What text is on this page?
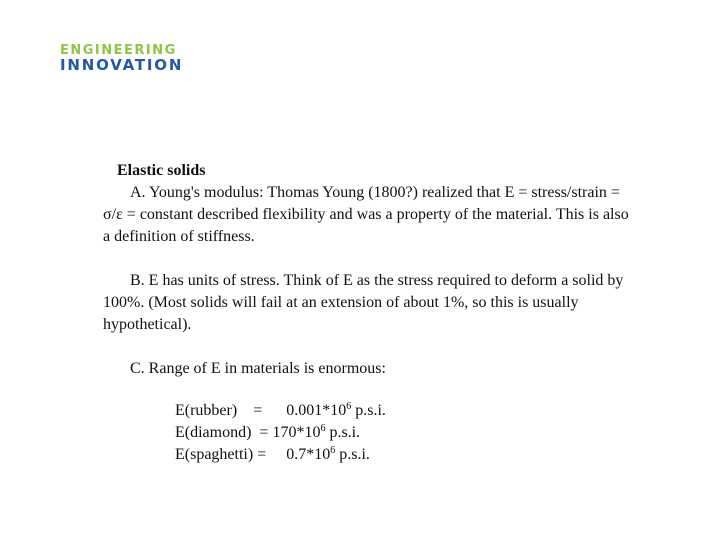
ENGINEERING
INNOVATION
Elastic solids

A. Young's modulus: Thomas Young (1800?) realized that E = stress/strain = σ/ε = constant described flexibility and was a property of the material. This is also a definition of stiffness.

B. E has units of stress. Think of E as the stress required to deform a solid by 100%. (Most solids will fail at an extension of about 1%, so this is usually hypothetical).

C. Range of E in materials is enormous:

E(rubber)    =      $0.001*10^6$ p.s.i.
E(diamond)  = $170*10^6$ p.s.i.
E(spaghetti) =     $0.7*10^6$ p.s.i.
